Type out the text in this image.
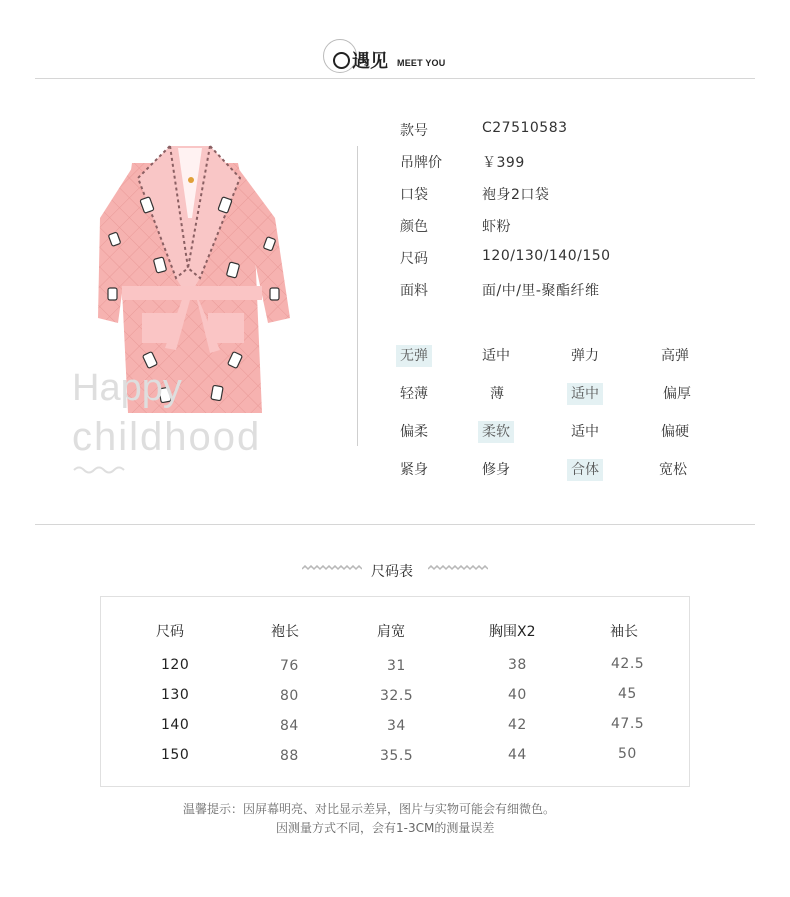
遇见 MEET YOU
Happy
childhood
款号	C27510583
吊牌价	￥399
口袋	袍身2口袋
颜色	虾粉
尺码	120/130/140/150
面料	面/中/里-聚酯纤维
无弹	适中	弹力	高弹
轻薄	薄	适中	偏厚
偏柔	柔软	适中	偏硬
紧身	修身	合体	宽松
尺码表
尺码	袍长	肩宽	胸围X2	袖长
120	76	31	38	42.5
130	80	32.5	40	45
140	84	34	42	47.5
150	88	35.5	44	50
温馨提示：因屏幕明亮、对比显示差异，图片与实物可能会有细微色。
因测量方式不同，会有1-3CM的测量误差
